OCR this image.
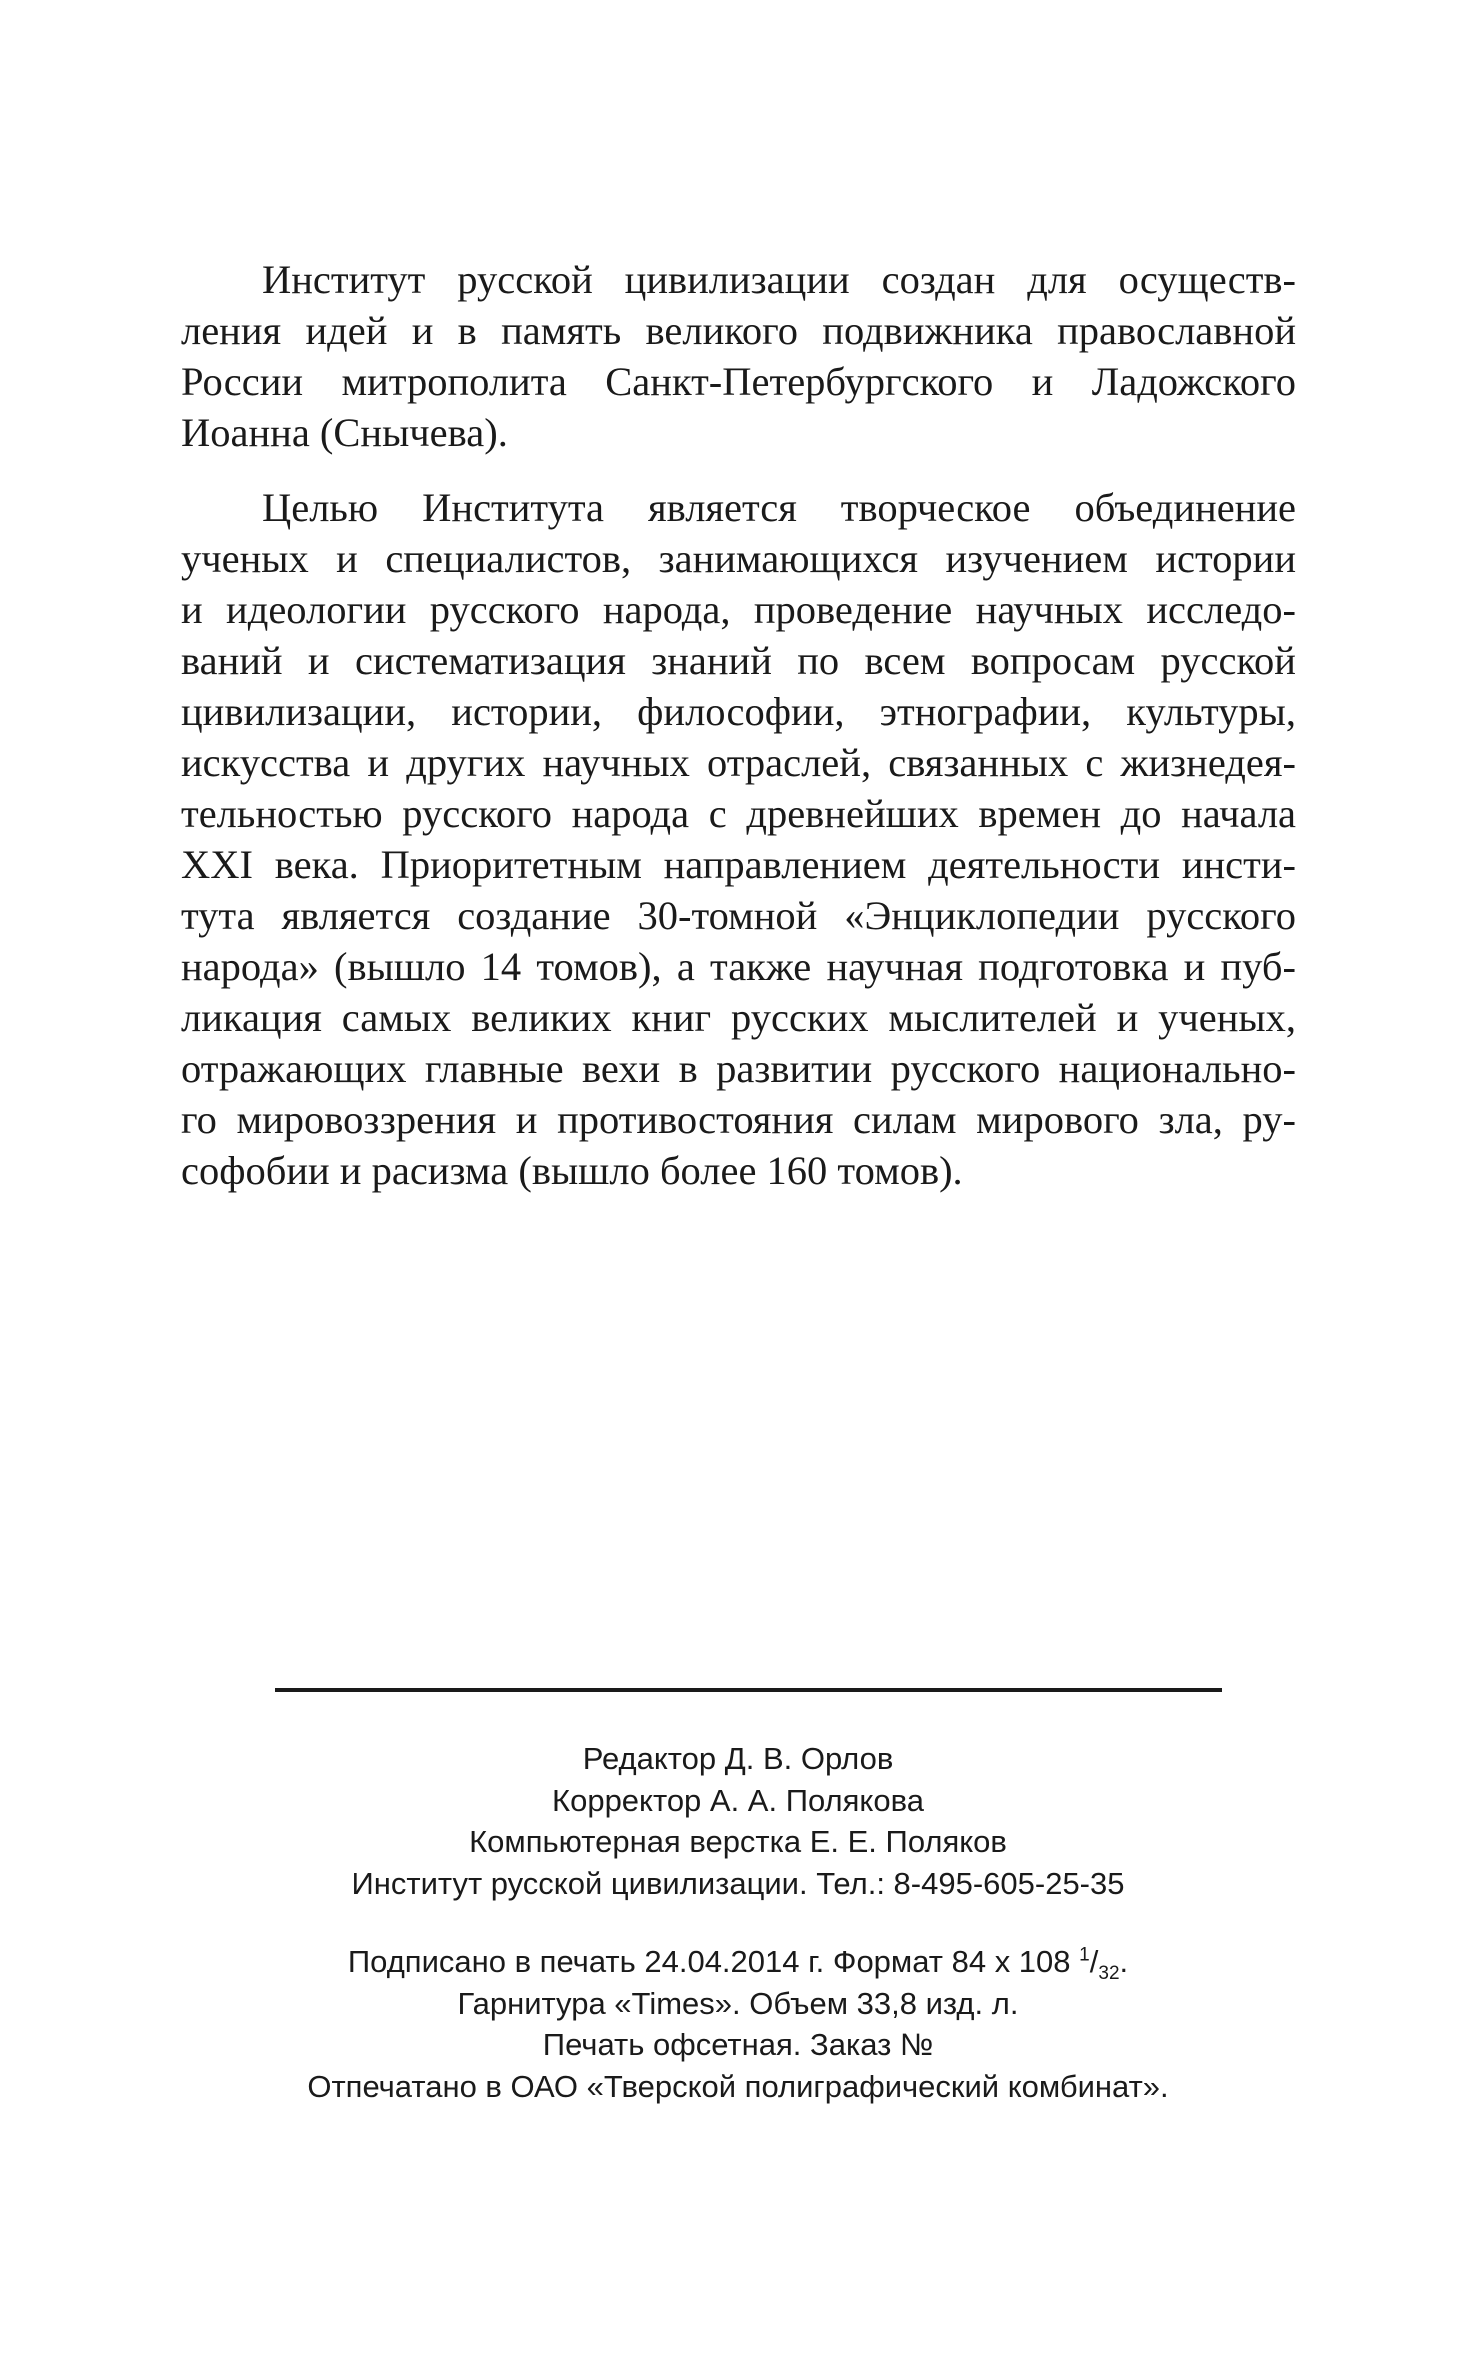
Институт русской цивилизации создан для осуществ-
ления идей и в память великого подвижника православной
России митрополита Санкт-Петербургского и Ладожского
Иоанна (Снычева).
Целью Института является творческое объединение
ученых и специалистов, занимающихся изучением истории
и идеологии русского народа, проведение научных исследо-
ваний и систематизация знаний по всем вопросам русской
цивилизации, истории, философии, этнографии, культуры,
искусства и других научных отраслей, связанных с жизнедея-
тельностью русского народа с древнейших времен до начала
XXI века. Приоритетным направлением деятельности инсти-
тута является создание 30-томной «Энциклопедии русского
народа» (вышло 14 томов), а также научная подготовка и пуб-
ликация самых великих книг русских мыслителей и ученых,
отражающих главные вехи в развитии русского национально-
го мировоззрения и противостояния силам мирового зла, ру-
софобии и расизма (вышло более 160 томов).
Редактор Д. В. Орлов
Корректор А. А. Полякова
Компьютерная верстка Е. Е. Поляков
Институт русской цивилизации. Тел.: 8-495-605-25-35
Подписано в печать 24.04.2014 г. Формат 84 х 108 $^1/_{32}$.
Гарнитура «Times». Объем 33,8 изд. л.
Печать офсетная. Заказ №
Отпечатано в ОАО «Тверской полиграфический комбинат».
